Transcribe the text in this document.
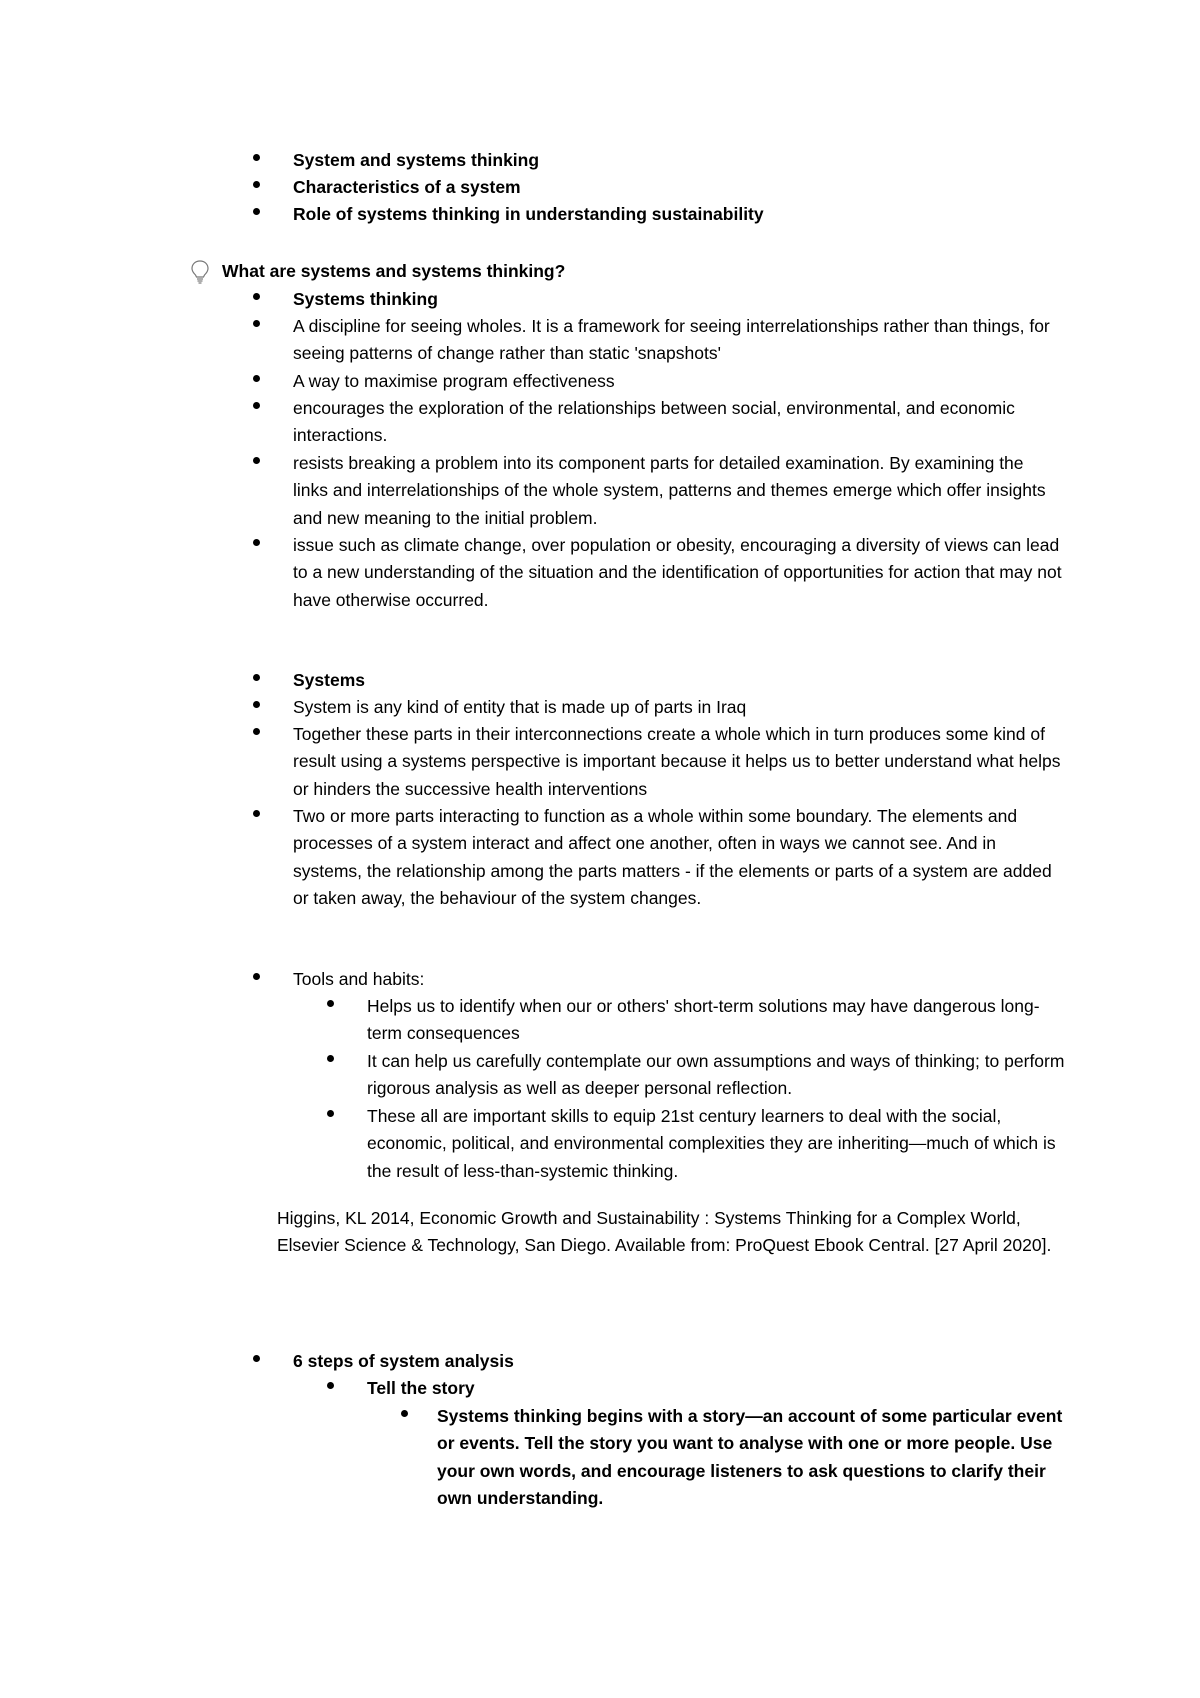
System and systems thinking
Characteristics of a system
Role of systems thinking in understanding sustainability
What are systems and systems thinking?
Systems thinking
A discipline for seeing wholes. It is a framework for seeing interrelationships rather than things, for seeing patterns of change rather than static 'snapshots'
A way to maximise program effectiveness
encourages the exploration of the relationships between social, environmental, and economic interactions.
resists breaking a problem into its component parts for detailed examination. By examining the links and interrelationships of the whole system, patterns and themes emerge which offer insights and new meaning to the initial problem.
issue such as climate change, over population or obesity, encouraging a diversity of views can lead to a new understanding of the situation and the identification of opportunities for action that may not have otherwise occurred.
Systems
System is any kind of entity that is made up of parts in Iraq
Together these parts in their interconnections create a whole which in turn produces some kind of result using a systems perspective is important because it helps us to better understand what helps or hinders the successive health interventions
Two or more parts interacting to function as a whole within some boundary. The elements and processes of a system interact and affect one another, often in ways we cannot see. And in systems, the relationship among the parts matters - if the elements or parts of a system are added or taken away, the behaviour of the system changes.
Tools and habits:
Helps us to identify when our or others' short-term solutions may have dangerous long-term consequences
It can help us carefully contemplate our own assumptions and ways of thinking; to perform rigorous analysis as well as deeper personal reflection.
These all are important skills to equip 21st century learners to deal with the social, economic, political, and environmental complexities they are inheriting—much of which is the result of less-than-systemic thinking.
Higgins, KL 2014, Economic Growth and Sustainability : Systems Thinking for a Complex World, Elsevier Science & Technology, San Diego. Available from: ProQuest Ebook Central. [27 April 2020].
6 steps of system analysis
Tell the story
Systems thinking begins with a story—an account of some particular event or events. Tell the story you want to analyse with one or more people. Use your own words, and encourage listeners to ask questions to clarify their own understanding.
